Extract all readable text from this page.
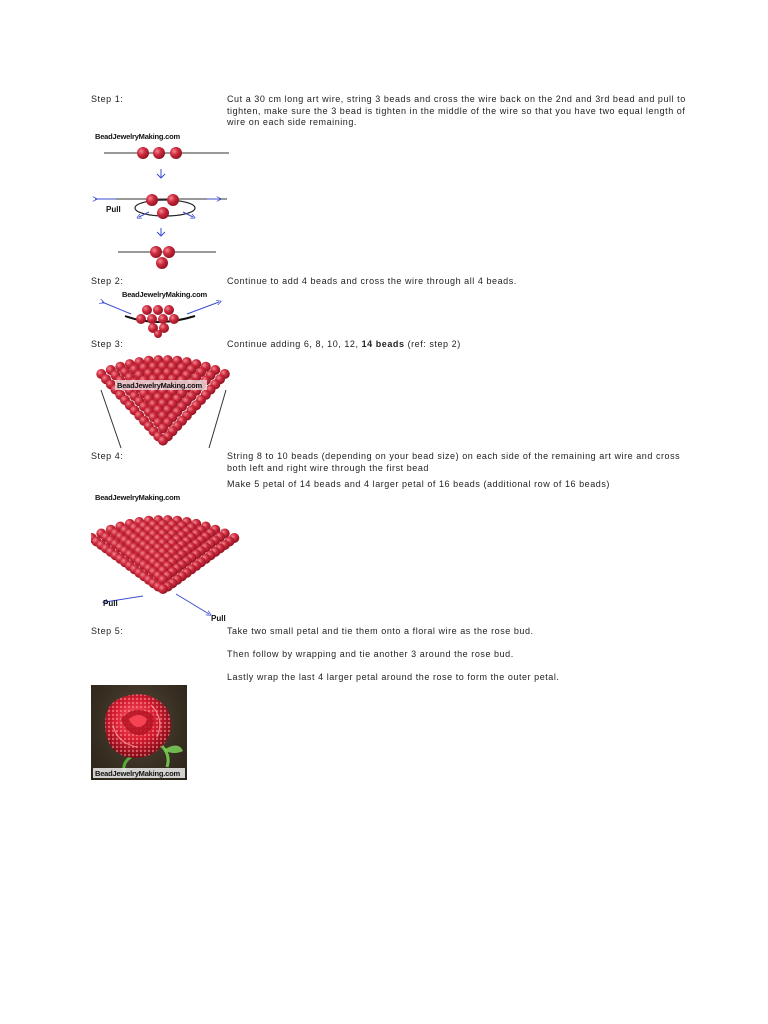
Step 1:	Cut a 30 cm long art wire, string 3 beads and cross the wire back on the 2nd and 3rd bead and pull to tighten, make sure the 3 bead is tighten in the middle of the wire so that you have two equal length of wire on each side remaining.
BeadJewelryMaking.com
Pull
Step 2:	Continue to add 4 beads and cross the wire through all 4 beads.
BeadJewelryMaking.com
Step 3:	Continue adding 6, 8, 10, 12, 14 beads (ref: step 2)
BeadJewelryMaking.com
Step 4:	String 8 to 10 beads (depending on your bead size) on each side of the remaining art wire and cross both left and right wire through the first bead
Make 5 petal of 14 beads and 4 larger petal of 16 beads (additional row of 16 beads)
BeadJewelryMaking.com
Pull
Pull
Step 5:	Take two small petal and tie them onto a floral wire as the rose bud.
Then follow by wrapping and tie another 3 around the rose bud.
Lastly wrap the last 4 larger petal around the rose to form the outer petal.
BeadJewelryMaking.com
